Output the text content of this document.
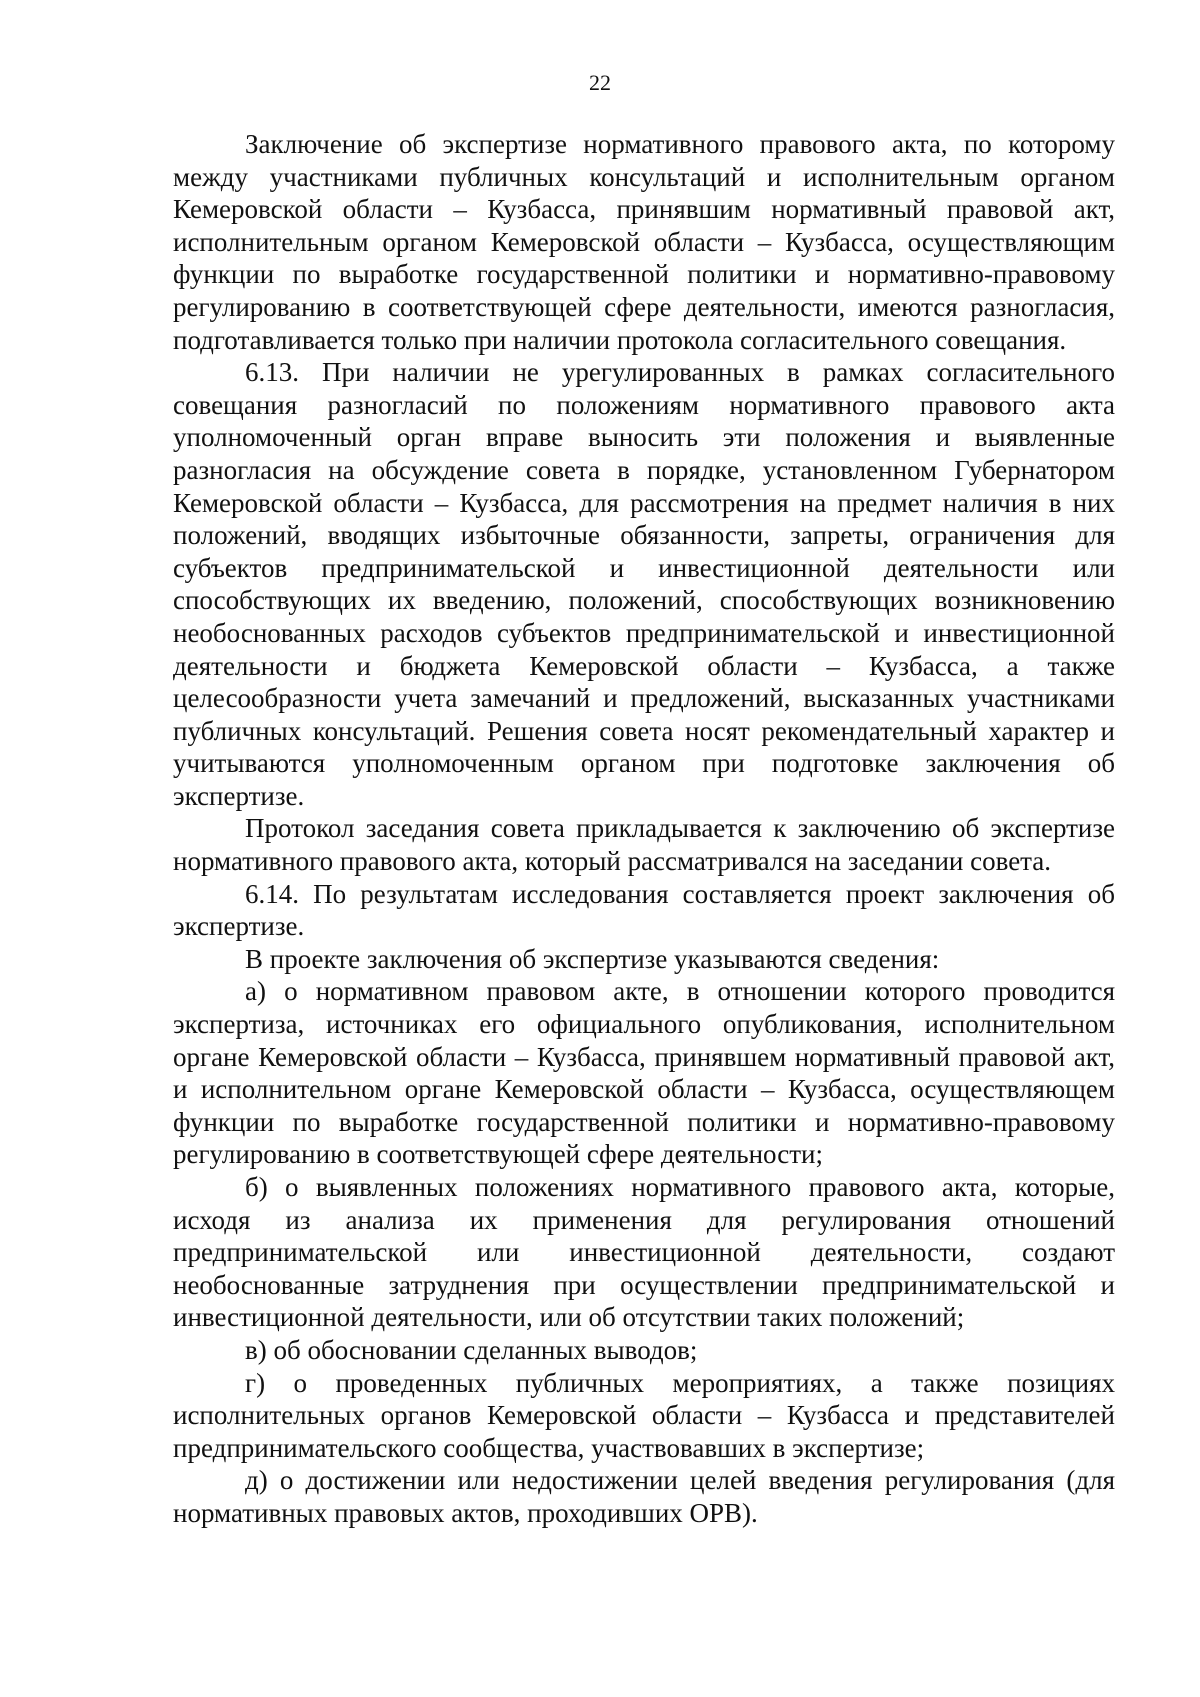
22

Заключение об экспертизе нормативного правового акта, по которому между участниками публичных консультаций и исполнительным органом Кемеровской области – Кузбасса, принявшим нормативный правовой акт, исполнительным органом Кемеровской области – Кузбасса, осуществляющим функции по выработке государственной политики и нормативно-правовому регулированию в соответствующей сфере деятельности, имеются разногласия, подготавливается только при наличии протокола согласительного совещания.

6.13. При наличии не урегулированных в рамках согласительного совещания разногласий по положениям нормативного правового акта уполномоченный орган вправе выносить эти положения и выявленные разногласия на обсуждение совета в порядке, установленном Губернатором Кемеровской области – Кузбасса, для рассмотрения на предмет наличия в них положений, вводящих избыточные обязанности, запреты, ограничения для субъектов предпринимательской и инвестиционной деятельности или способствующих их введению, положений, способствующих возникновению необоснованных расходов субъектов предпринимательской и инвестиционной деятельности и бюджета Кемеровской области – Кузбасса, а также целесообразности учета замечаний и предложений, высказанных участниками публичных консультаций. Решения совета носят рекомендательный характер и учитываются уполномоченным органом при подготовке заключения об экспертизе.

Протокол заседания совета прикладывается к заключению об экспертизе нормативного правового акта, который рассматривался на заседании совета.

6.14. По результатам исследования составляется проект заключения об экспертизе.

В проекте заключения об экспертизе указываются сведения:

а) о нормативном правовом акте, в отношении которого проводится экспертиза, источниках его официального опубликования, исполнительном органе Кемеровской области – Кузбасса, принявшем нормативный правовой акт, и исполнительном органе Кемеровской области – Кузбасса, осуществляющем функции по выработке государственной политики и нормативно-правовому регулированию в соответствующей сфере деятельности;

б) о выявленных положениях нормативного правового акта, которые, исходя из анализа их применения для регулирования отношений предпринимательской или инвестиционной деятельности, создают необоснованные затруднения при осуществлении предпринимательской и инвестиционной деятельности, или об отсутствии таких положений;

в) об обосновании сделанных выводов;

г) о проведенных публичных мероприятиях, а также позициях исполнительных органов Кемеровской области – Кузбасса и представителей предпринимательского сообщества, участвовавших в экспертизе;

д) о достижении или недостижении целей введения регулирования (для нормативных правовых актов, проходивших ОРВ).
